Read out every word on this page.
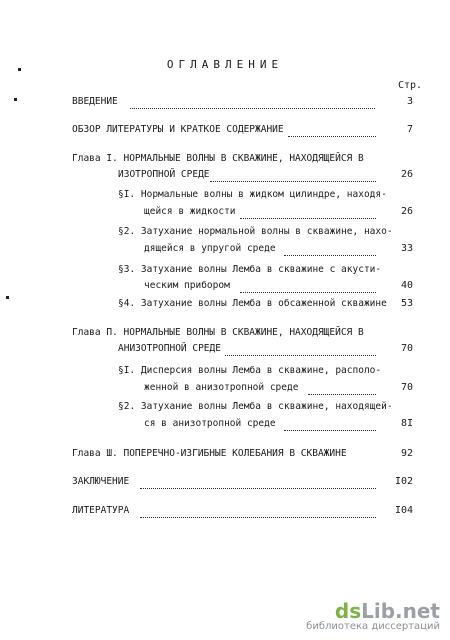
ОГЛАВЛЕНИЕ
Стр.
ВВЕДЕНИЕ	3
ОБЗОР ЛИТЕРАТУРЫ И КРАТКОЕ СОДЕРЖАНИЕ	7
Глава I. НОРМАЛЬНЫЕ ВОЛНЫ В СКВАЖИНЕ, НАХОДЯЩЕЙСЯ В
ИЗОТРОПНОЙ СРЕДЕ	26
§I. Нормальные волны в жидком цилиндре, находя-
щейся в жидкости	26
§2. Затухание нормальной волны в скважине, нахо-
дящейся в упругой среде	33
§3. Затухание волны Лемба в скважине с акусти-
ческим прибором	40
§4. Затухание волны Лемба в обсаженной скважине	53
Глава П. НОРМАЛЬНЫЕ ВОЛНЫ В СКВАЖИНЕ, НАХОДЯЩЕЙСЯ В
АНИЗОТРОПНОЙ СРЕДЕ	70
§I. Дисперсия волны Лемба в скважине, располо-
женной в анизотропной среде	70
§2. Затухание волны Лемба в скважине, находящей-
ся в анизотропной среде	8I
Глава Ш. ПОПЕРЕЧНО-ИЗГИБНЫЕ КОЛЕБАНИЯ В СКВАЖИНЕ	92
ЗАКЛЮЧЕНИЕ	I02
ЛИТЕРАТУРА	I04
dsLib.net
библиотека диссертаций
